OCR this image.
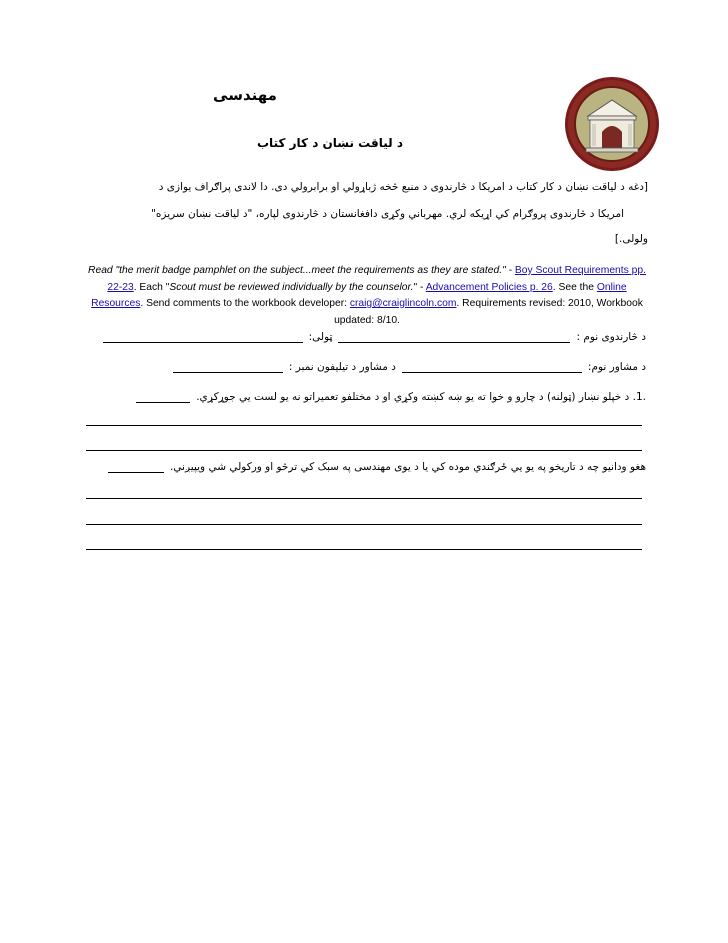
مهندسی
د لیاقت نښان د کار کتاب
[دغه د لیاقت نښان د کار کتاب د امریکا د څارندوی د منبع څخه ژباړولي او برابرولي دی. دا لاندی پراګراف یوازی د
امریکا د څارندوی پروګرام کي اړیکه لري. مهرباني وکړی دافغانستان د څارندوی لپاره، "د لیاقت نښان سریزه"
ولولی.]
Read "the merit badge pamphlet on the subject...meet the requirements as they are stated." - Boy Scout Requirements pp. 22-23. Each "Scout must be reviewed individually by the counselor." - Advancement Policies p. 26. See the Online Resources. Send comments to the workbook developer: craig@craiglincoln.com. Requirements revised: 2010, Workbook updated: 8/10.
د څارندوی نوم :
ټولی:
د مشاور نوم:
د مشاور د تیلیفون نمبر :
.1. د خپلو نښار (ټولنه) د چارو و خوا ته یو ښه کښته وکړي او د مختلفو تعمیراتو نه یو لست یي جوړکړي.
هغو ودانیو چه د تاریخو په یو یي ځرګندي موده کي یا د یوی مهندسی په سبک کي ترڅو او ورکولي شي ویپیږني.
